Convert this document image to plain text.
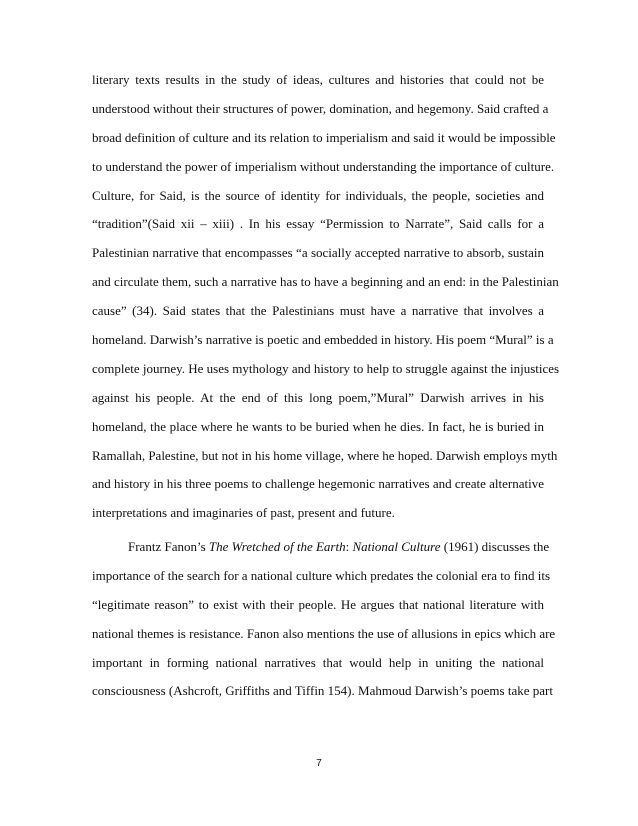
literary texts results in the study of ideas, cultures and histories that could not be
understood without their structures of power, domination, and hegemony. Said crafted a
broad definition of culture and its relation to imperialism and said it would be impossible
to understand the power of imperialism without understanding the importance of culture.
Culture, for Said, is the source of identity for individuals, the people, societies and
“tradition”(Said xii – xiii) . In his essay “Permission to Narrate”, Said calls for a
Palestinian narrative that encompasses “a socially accepted narrative to absorb, sustain
and circulate them, such a narrative has to have a beginning and an end: in the Palestinian
cause” (34). Said states that the Palestinians must have a narrative that involves a
homeland. Darwish’s narrative is poetic and embedded in history. His poem “Mural” is a
complete journey. He uses mythology and history to help to struggle against the injustices
against his people. At the end of this long poem,”Mural” Darwish arrives in his
homeland, the place where he wants to be buried when he dies. In fact, he is buried in
Ramallah, Palestine, but not in his home village, where he hoped. Darwish employs myth
and history in his three poems to challenge hegemonic narratives and create alternative
interpretations and imaginaries of past, present and future.
Frantz Fanon’s The Wretched of the Earth: National Culture (1961) discusses the
importance of the search for a national culture which predates the colonial era to find its
“legitimate reason” to exist with their people. He argues that national literature with
national themes is resistance. Fanon also mentions the use of allusions in epics which are
important in forming national narratives that would help in uniting the national
consciousness (Ashcroft, Griffiths and Tiffin 154). Mahmoud Darwish’s poems take part
7
